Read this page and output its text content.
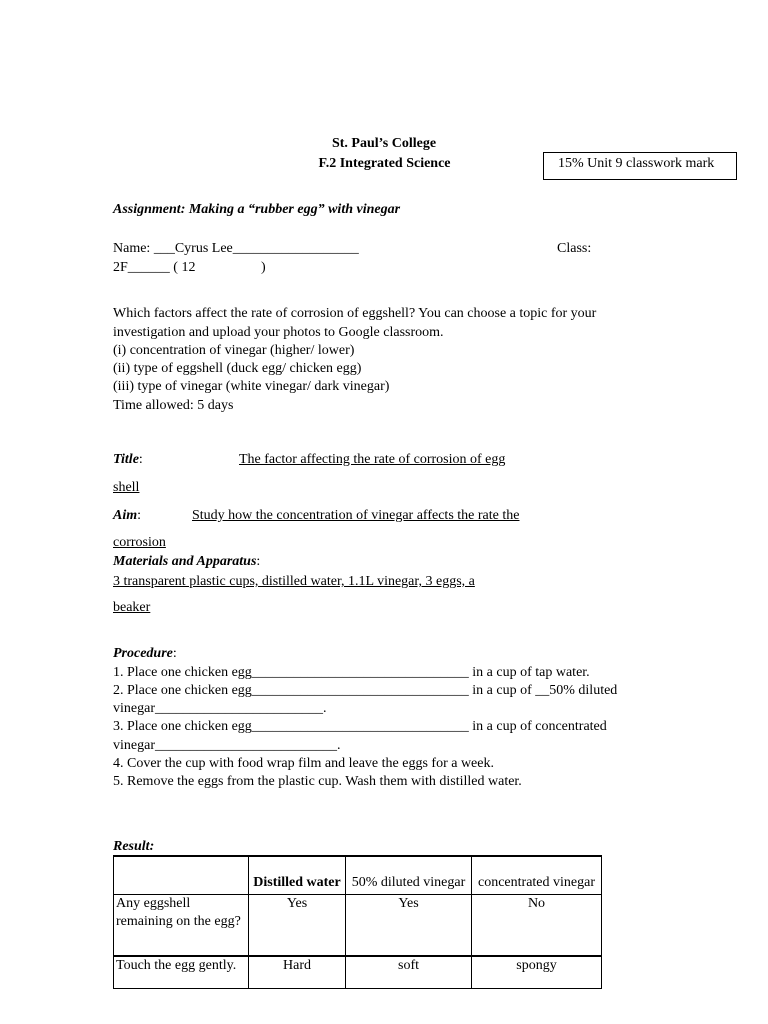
St. Paul’s College
F.2 Integrated Science	15% Unit 9 classwork mark
Assignment: Making a “rubber egg” with vinegar
Name: ___Cyrus Lee__________________	Class:
2F______ ( 12	)
Which factors affect the rate of corrosion of eggshell? You can choose a topic for your
investigation and upload your photos to Google classroom.
(i) concentration of vinegar (higher/ lower)
(ii) type of eggshell (duck egg/ chicken egg)
(iii) type of vinegar (white vinegar/ dark vinegar)
Time allowed: 5 days
Title:	The factor affecting the rate of corrosion of egg
shell
Aim:	Study how the concentration of vinegar affects the rate the
corrosion
Materials and Apparatus:
3 transparent plastic cups, distilled water, 1.1L vinegar, 3 eggs, a
beaker
Procedure:
1. Place one chicken egg_______________________________ in a cup of tap water.
2. Place one chicken egg_______________________________ in a cup of __50% diluted
vinegar________________________.
3. Place one chicken egg_______________________________ in a cup of concentrated
vinegar__________________________.
4. Cover the cup with food wrap film and leave the eggs for a week.
5. Remove the eggs from the plastic cup. Wash them with distilled water.
Result:
	Distilled water	50% diluted vinegar	concentrated vinegar
Any eggshell remaining on the egg?	Yes	Yes	No
Touch the egg gently.	Hard	soft	spongy
